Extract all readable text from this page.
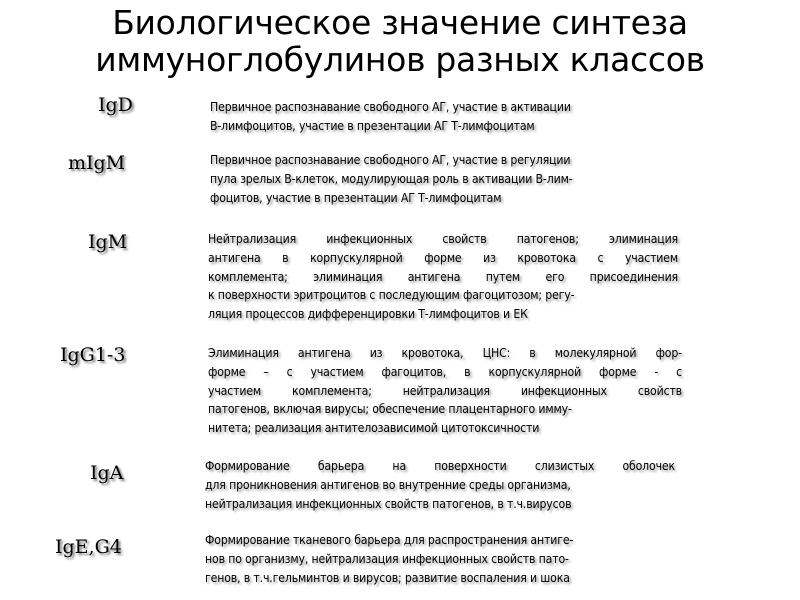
Биологическое значение синтеза
иммуноглобулинов разных классов
IgD	Первичное распознавание свободного АГ, участие в активации
В-лимфоцитов, участие в презентации АГ Т-лимфоцитам
mIgM	Первичное распознавание свободного АГ, участие в регуляции
пула зрелых В-клеток, модулирующая роль в активации В-лим-
фоцитов, участие в презентации АГ Т-лимфоцитам
IgM	Нейтрализация инфекционных свойств патогенов; элиминация
антигена в корпускулярной форме из кровотока с участием
комплемента; элиминация антигена путем его присоединения
к поверхности эритроцитов с последующим фагоцитозом; регу-
ляция процессов дифференцировки Т-лимфоцитов и ЕК
IgG1-3	Элиминация антигена из кровотока, ЦНС: в молекулярной фор-
форме – с участием фагоцитов, в корпускулярной форме - с
участием комплемента; нейтрализация инфекционных свойств
патогенов, включая вирусы; обеспечение плацентарного имму-
нитета; реализация антителозависимой цитотоксичности
IgA	Формирование барьера на поверхности слизистых оболочек
для проникновения антигенов во внутренние среды организма,
нейтрализация инфекционных свойств патогенов, в т.ч.вирусов
IgE,G4	Формирование тканевого барьера для распространения антиге-
нов по организму, нейтрализация инфекционных свойств пато-
генов, в т.ч.гельминтов и вирусов; развитие воспаления и шока
